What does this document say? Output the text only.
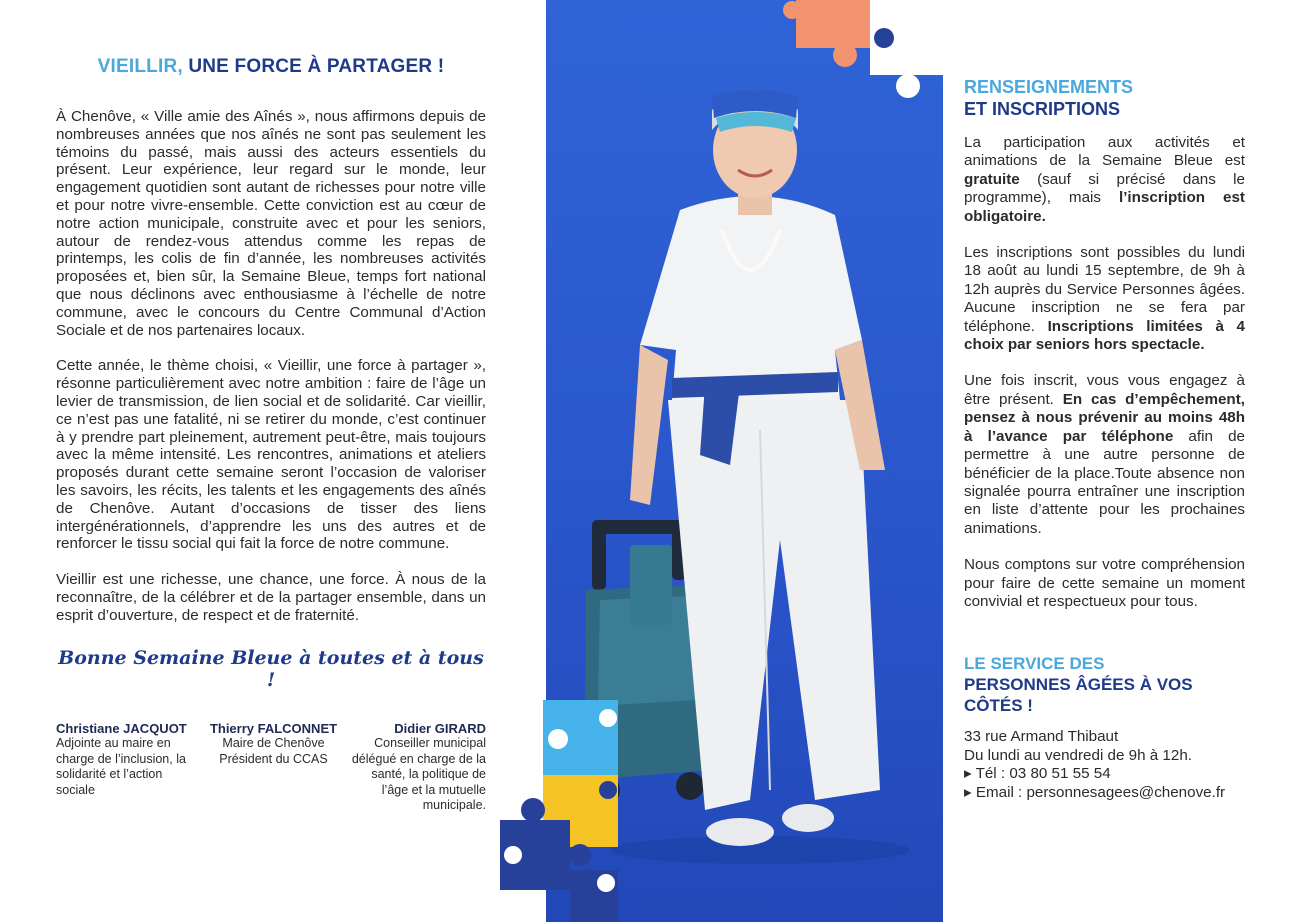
VIEILLIR, UNE FORCE À PARTAGER !

À Chenôve, « Ville amie des Aînés », nous affirmons depuis de nombreuses années que nos aînés ne sont pas seulement les témoins du passé, mais aussi des acteurs essentiels du présent. Leur expérience, leur regard sur le monde, leur engagement quotidien sont autant de richesses pour notre ville et pour notre vivre-ensemble. Cette conviction est au cœur de notre action municipale, construite avec et pour les seniors, autour de rendez-vous attendus comme les repas de printemps, les colis de fin d’année, les nombreuses activités proposées et, bien sûr, la Semaine Bleue, temps fort national que nous déclinons avec enthousiasme à l’échelle de notre commune, avec le concours du Centre Communal d’Action Sociale et de nos partenaires locaux.

Cette année, le thème choisi, « Vieillir, une force à partager », résonne particulièrement avec notre ambition : faire de l’âge un levier de transmission, de lien social et de solidarité. Car vieillir, ce n’est pas une fatalité, ni se retirer du monde, c’est continuer à y prendre part pleinement, autrement peut-être, mais toujours avec la même intensité. Les rencontres, animations et ateliers proposés durant cette semaine seront l’occasion de valoriser les savoirs, les récits, les talents et les engagements des aînés de Chenôve. Autant d’occasions de tisser des liens intergénérationnels, d’apprendre les uns des autres et de renforcer le tissu social qui fait la force de notre commune.

Vieillir est une richesse, une chance, une force. À nous de la reconnaître, de la célébrer et de la partager ensemble, dans un esprit d’ouverture, de respect et de fraternité.

Bonne Semaine Bleue à toutes et à tous !
Christiane JACQUOT
Adjointe au maire en charge de l’inclusion, la solidarité et l’action sociale
Thierry FALCONNET
Maire de Chenôve Président du CCAS
Didier GIRARD
Conseiller municipal délégué en charge de la santé, la politique de l’âge et la mutuelle municipale.
RENSEIGNEMENTS
ET INSCRIPTIONS

La participation aux activités et animations de la Semaine Bleue est gratuite (sauf si précisé dans le programme), mais l’inscription est obligatoire.

Les inscriptions sont possibles du lundi 18 août au lundi 15 septembre, de 9h à 12h auprès du Service Personnes âgées. Aucune inscription ne se fera par téléphone. Inscriptions limitées à 4 choix par seniors hors spectacle.

Une fois inscrit, vous vous engagez à être présent. En cas d’empêchement, pensez à nous prévenir au moins 48h à l’avance par téléphone afin de permettre à une autre personne de bénéficier de la place.Toute absence non signalée pourra entraîner une inscription en liste d’attente pour les prochaines animations.

Nous comptons sur votre compréhension pour faire de cette semaine un moment convivial et respectueux pour tous.

LE SERVICE DES
PERSONNES ÂGÉES À VOS CÔTÉS !
33 rue Armand Thibaut
Du lundi au vendredi de 9h à 12h.
▸ Tél : 03 80 51 55 54
▸ Email : personnesagees@chenove.fr
